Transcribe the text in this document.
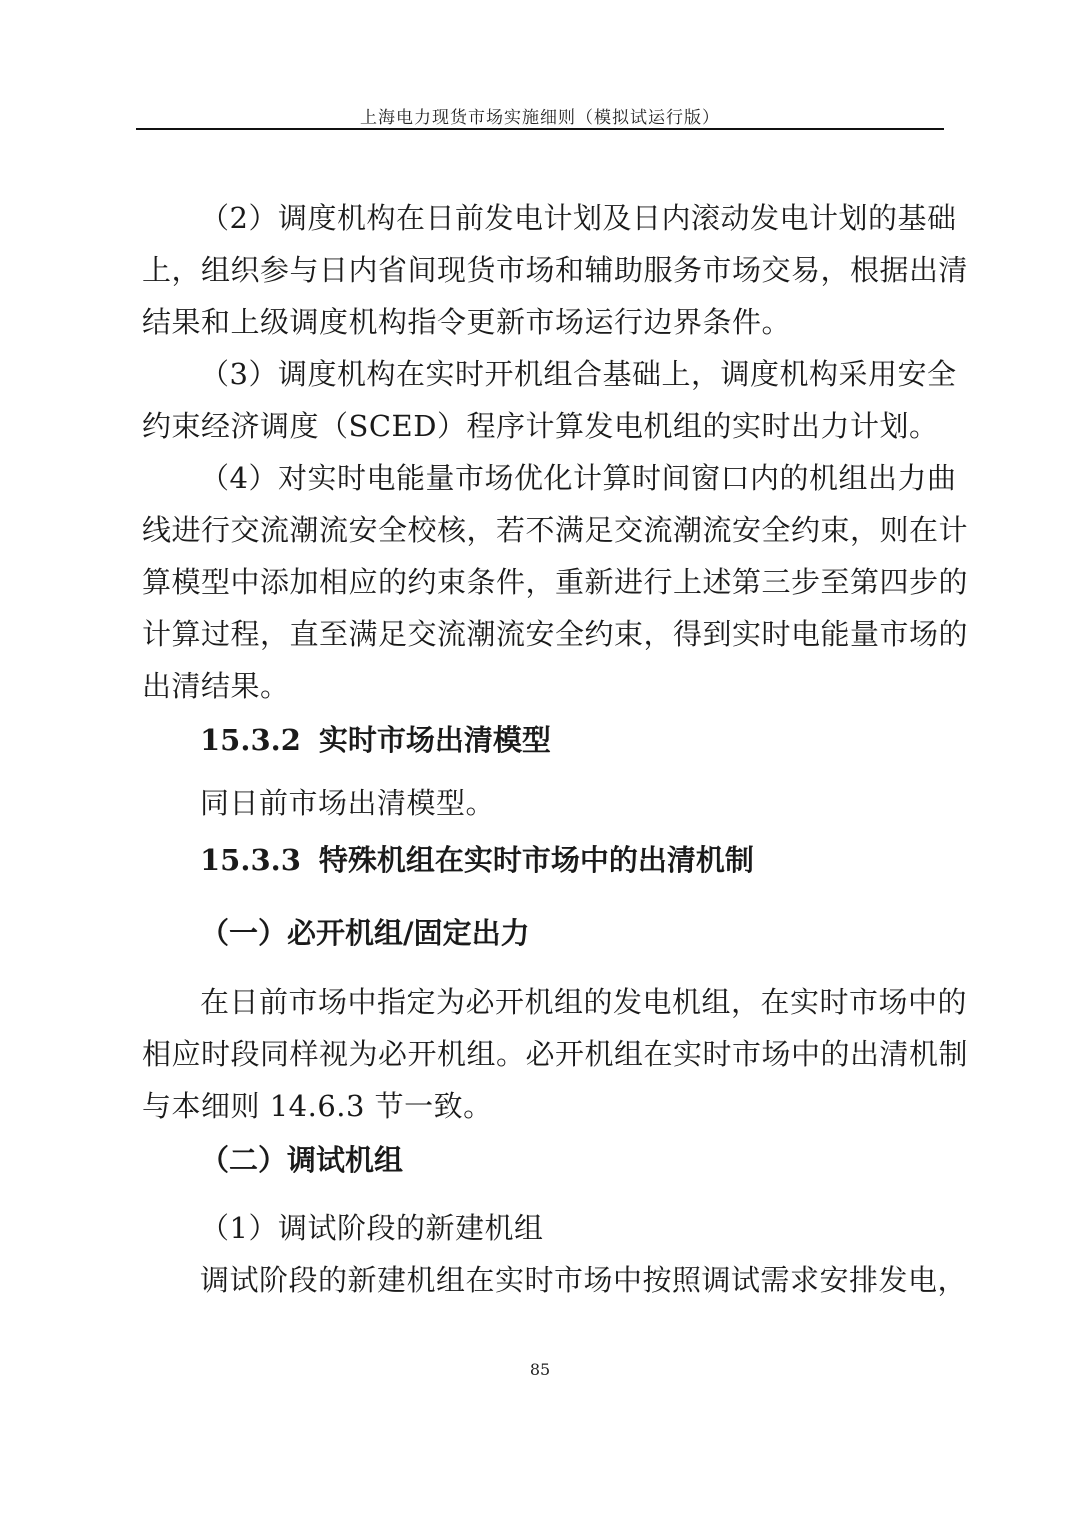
上海电力现货市场实施细则（模拟试运行版）
（2）调度机构在日前发电计划及日内滚动发电计划的基础
上，组织参与日内省间现货市场和辅助服务市场交易，根据出清
结果和上级调度机构指令更新市场运行边界条件。
（3）调度机构在实时开机组合基础上，调度机构采用安全
约束经济调度（SCED）程序计算发电机组的实时出力计划。
（4）对实时电能量市场优化计算时间窗口内的机组出力曲
线进行交流潮流安全校核，若不满足交流潮流安全约束，则在计
算模型中添加相应的约束条件，重新进行上述第三步至第四步的
计算过程，直至满足交流潮流安全约束，得到实时电能量市场的
出清结果。
15.3.2 实时市场出清模型
同日前市场出清模型。
15.3.3 特殊机组在实时市场中的出清机制
（一）必开机组/固定出力
在日前市场中指定为必开机组的发电机组，在实时市场中的
相应时段同样视为必开机组。必开机组在实时市场中的出清机制
与本细则 14.6.3 节一致。
（二）调试机组
（1）调试阶段的新建机组
调试阶段的新建机组在实时市场中按照调试需求安排发电，
85
